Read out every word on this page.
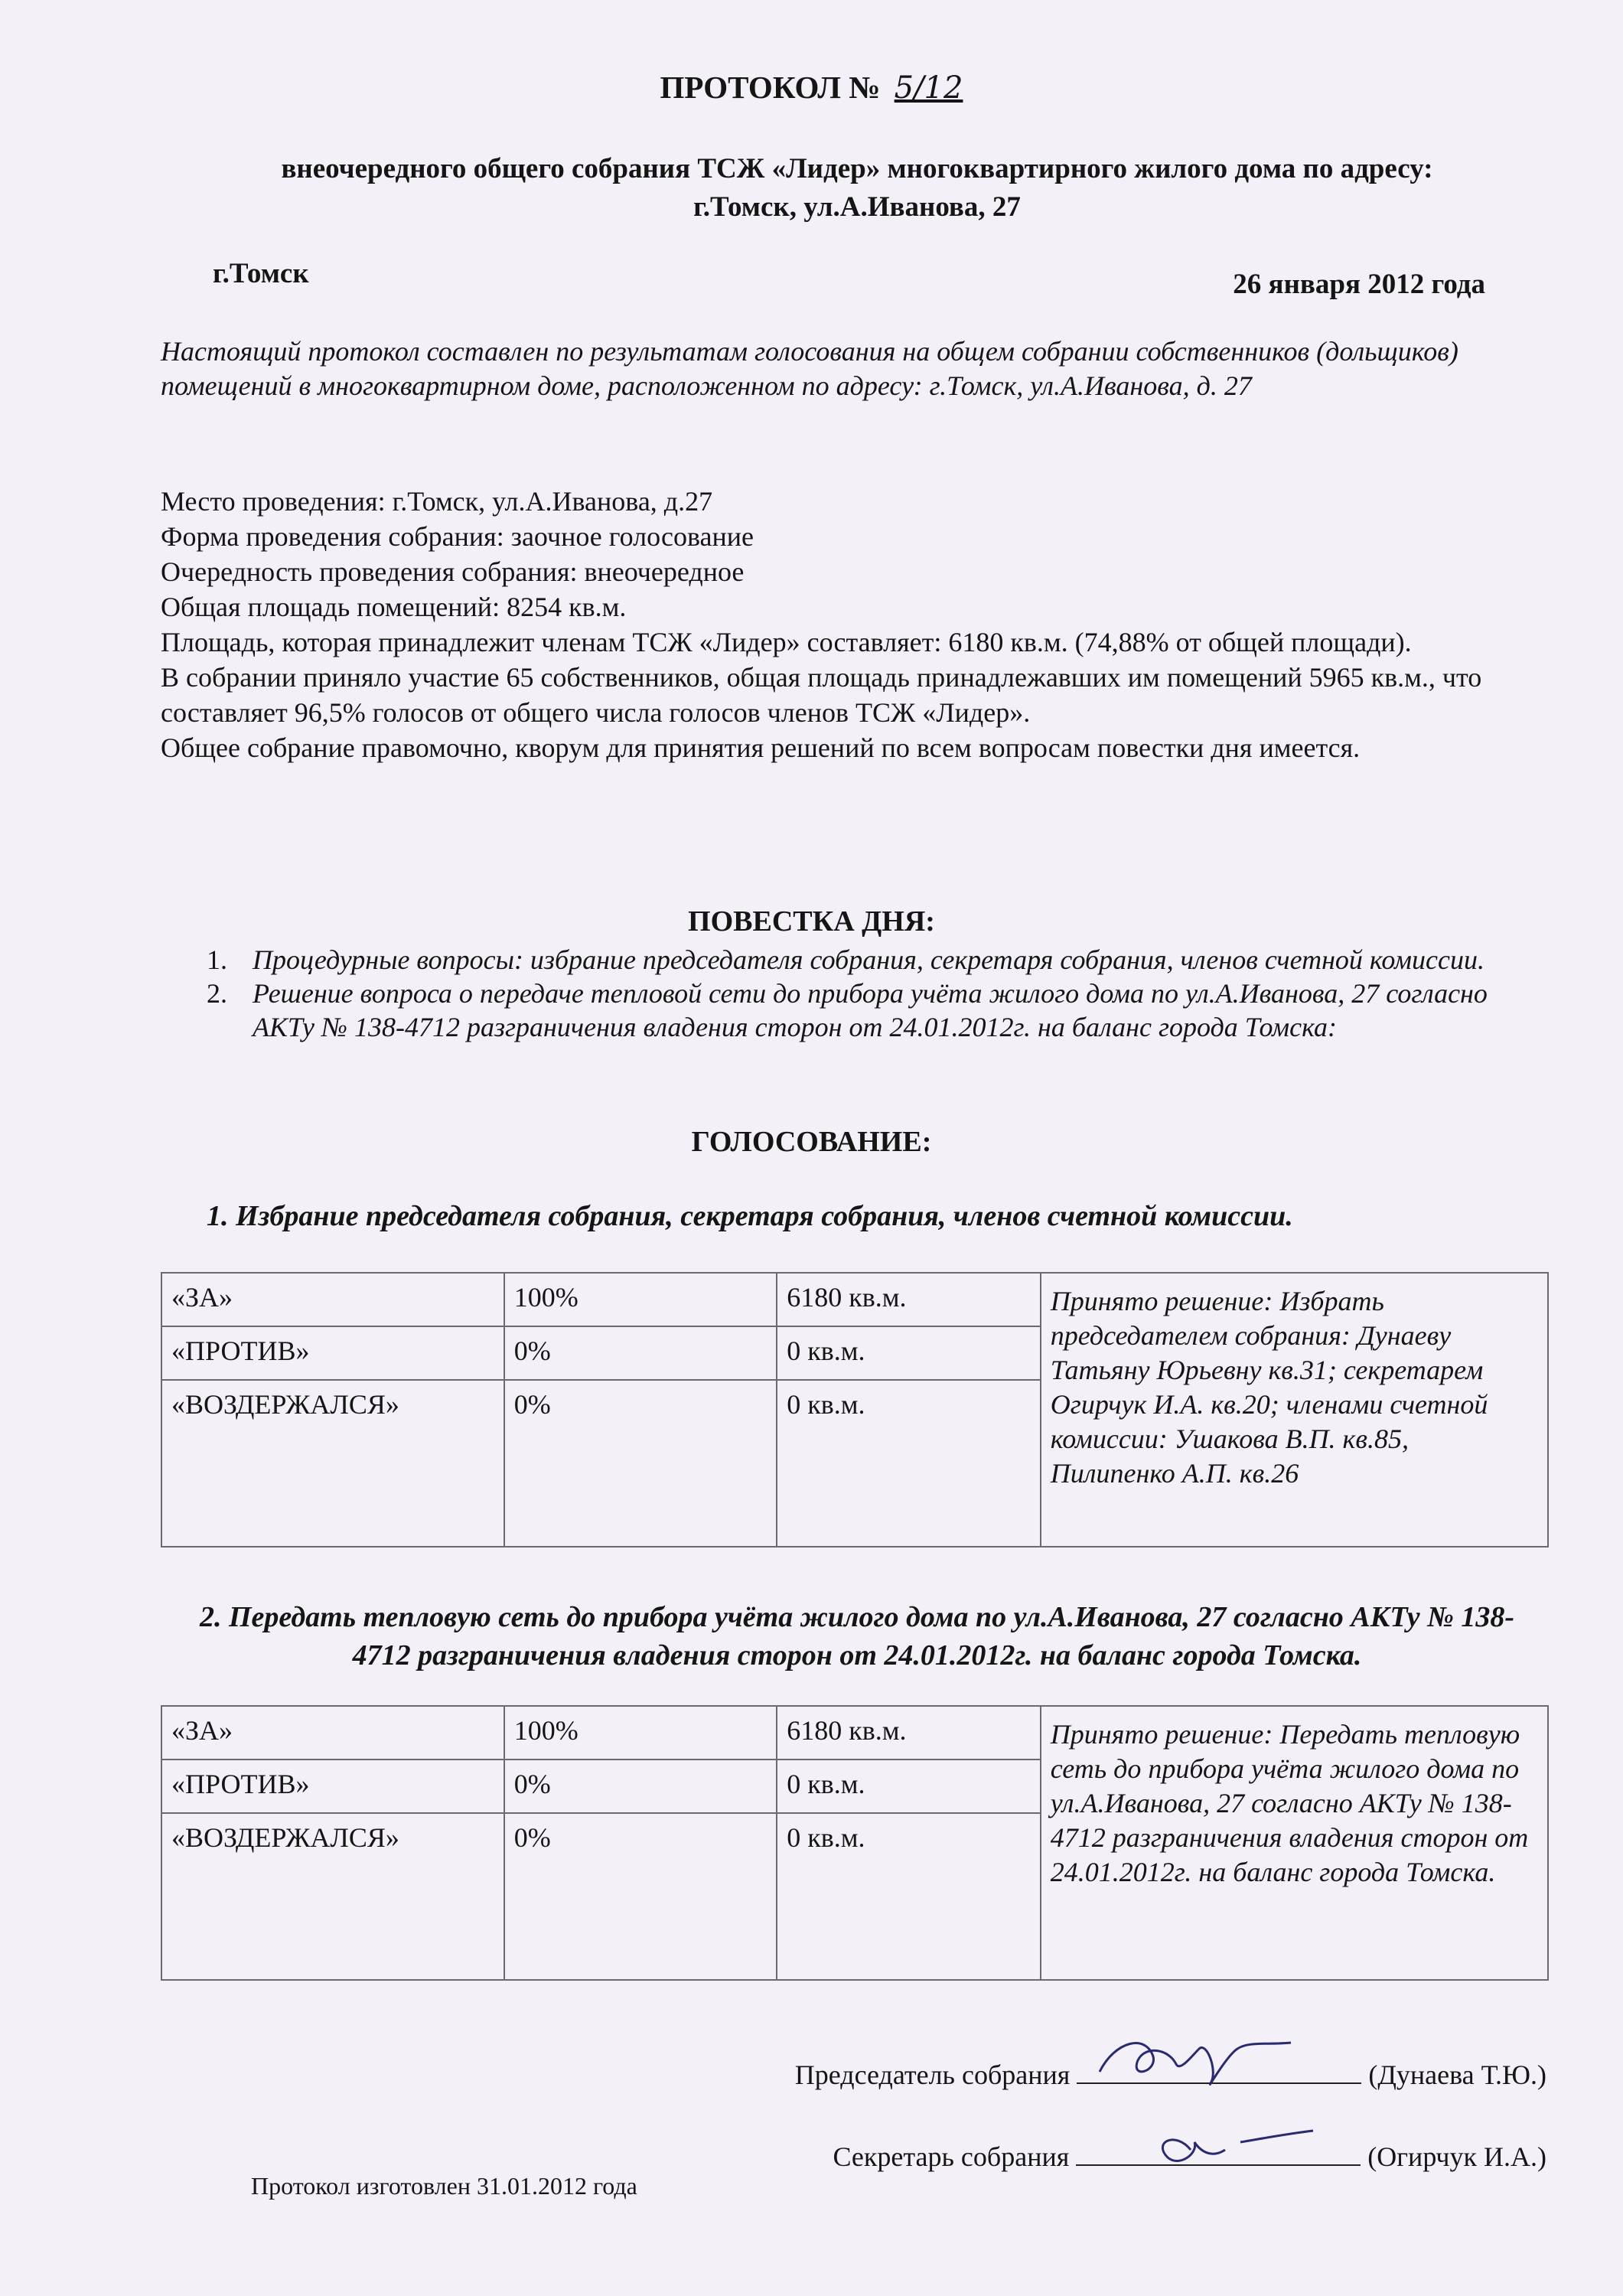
ПРОТОКОЛ № 5/12
внеочередного общего собрания ТСЖ «Лидер» многоквартирного жилого дома по адресу:
г.Томск, ул.А.Иванова, 27
г.Томск	26 января 2012 года
Настоящий протокол составлен по результатам голосования на общем собрании собственников (дольщиков) помещений в многоквартирном доме, расположенном по адресу: г.Томск, ул.А.Иванова, д. 27

Место проведения: г.Томск, ул.А.Иванова, д.27

Форма проведения собрания: заочное голосование

Очередность проведения собрания: внеочередное

Общая площадь помещений: 8254 кв.м.

Площадь, которая принадлежит членам ТСЖ «Лидер» составляет: 6180 кв.м. (74,88% от общей площади).

В собрании приняло участие 65 собственников, общая площадь принадлежавших им помещений 5965 кв.м., что составляет 96,5% голосов от общего числа голосов членов ТСЖ «Лидер».

Общее собрание правомочно, кворум для принятия решений по всем вопросам повестки дня имеется.

ПОВЕСТКА ДНЯ:
1. Процедурные вопросы: избрание председателя собрания, секретаря собрания, членов счетной комиссии.
2. Решение вопроса о передаче тепловой сети до прибора учёта жилого дома по ул.А.Иванова, 27 согласно АКТу № 138-4712 разграничения владения сторон от 24.01.2012г. на баланс города Томска:
ГОЛОСОВАНИЕ:
1. Избрание председателя собрания, секретаря собрания, членов счетной комиссии.
«ЗА»	100%	6180 кв.м.	Принято решение: Избрать председателем собрания: Дунаеву Татьяну Юрьевну кв.31; секретарем Огирчук И.А. кв.20; членами счетной комиссии: Ушакова В.П. кв.85, Пилипенко А.П. кв.26
«ПРОТИВ»	0%	0 кв.м.	
«ВОЗДЕРЖАЛСЯ»	0%	0 кв.м.	
2. Передать тепловую сеть до прибора учёта жилого дома по ул.А.Иванова, 27 согласно АКТу № 138-4712 разграничения владения сторон от 24.01.2012г. на баланс города Томска.
«ЗА»	100%	6180 кв.м.	Принято решение: Передать тепловую сеть до прибора учёта жилого дома по ул.А.Иванова, 27 согласно АКТу № 138-4712 разграничения владения сторон от 24.01.2012г. на баланс города Томска.
«ПРОТИВ»	0%	0 кв.м.	
«ВОЗДЕРЖАЛСЯ»	0%	0 кв.м.	
Председатель собрания	(Дунаева Т.Ю.)
Протокол изготовлен 31.01.2012 года
Секретарь собрания	(Огирчук И.А.)
